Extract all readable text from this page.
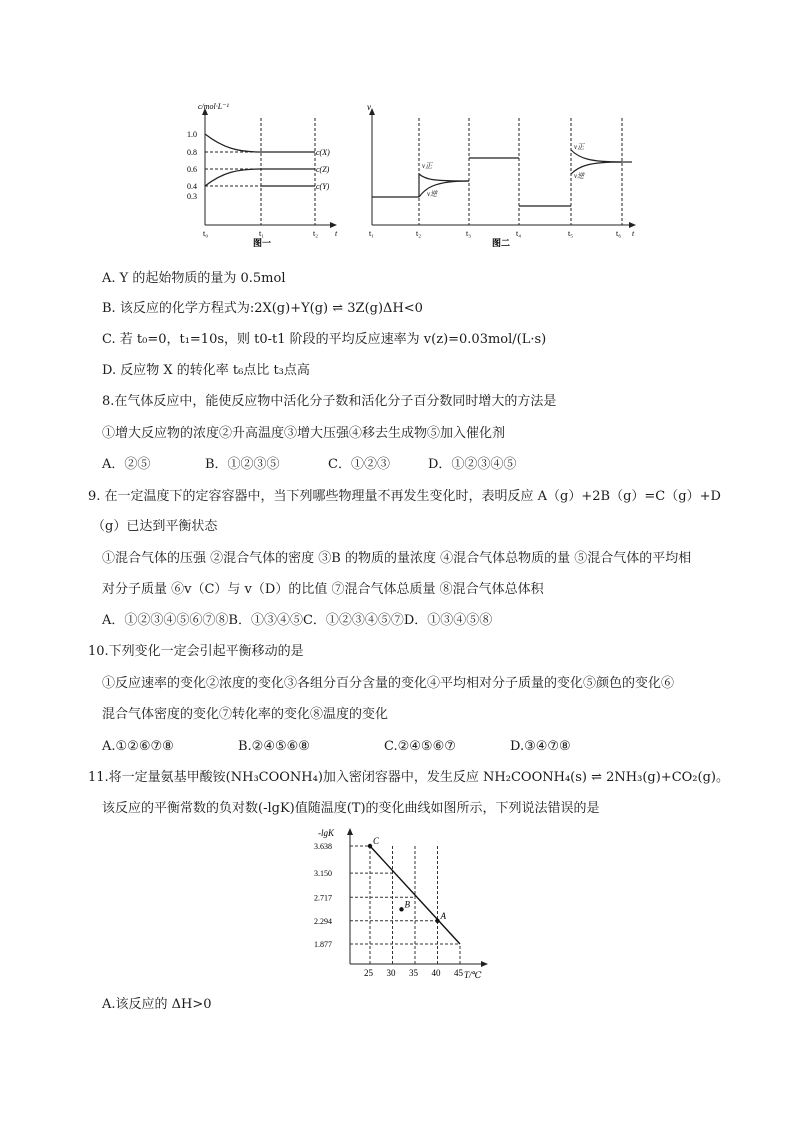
c/mol·L⁻¹
1.0
0.8
0.6
0.4
0.3
c(X)
c(Z)
c(Y)
t₀	t₁	t₂ t
图一
v
v正
v逆
v正
v逆
t₁	t₂	t₃	t₄	t₅	t₆ t
图二
A. Y 的起始物质的量为 0.5mol
B. 该反应的化学方程式为:2X(g)+Y(g) ⇌ 3Z(g)ΔH<0
C. 若 t₀=0，t₁=10s，则 t0-t1 阶段的平均反应速率为 v(z)=0.03mol/(L·s)
D. 反应物 X 的转化率 t₆点比 t₃点高
8.在气体反应中，能使反应物中活化分子数和活化分子百分数同时增大的方法是
①增大反应物的浓度②升高温度③增大压强④移去生成物⑤加入催化剂
A．②⑤	B．①②③⑤	C．①②③	D．①②③④⑤
9. 在一定温度下的定容容器中，当下列哪些物理量不再发生变化时，表明反应 A（g）+2B（g）=C（g）+D
（g）已达到平衡状态
①混合气体的压强 ②混合气体的密度 ③B 的物质的量浓度 ④混合气体总物质的量 ⑤混合气体的平均相
对分子质量 ⑥v（C）与 v（D）的比值 ⑦混合气体总质量 ⑧混合气体总体积
A．①②③④⑤⑥⑦⑧B．①③④⑤C．①②③④⑤⑦D．①③④⑤⑧
10.下列变化一定会引起平衡移动的是
①反应速率的变化②浓度的变化③各组分百分含量的变化④平均相对分子质量的变化⑤颜色的变化⑥
混合气体密度的变化⑦转化率的变化⑧温度的变化
A.①②⑥⑦⑧	B.②④⑤⑥⑧	C.②④⑤⑥⑦	D.③④⑦⑧
11.将一定量氨基甲酸铵(NH₃COONH₄)加入密闭容器中，发生反应 NH₂COONH₄(s) ⇌ 2NH₃(g)+CO₂(g)。
该反应的平衡常数的负对数(-lgK)值随温度(T)的变化曲线如图所示，下列说法错误的是
-lgK
T/℃
25
3.638
30
3.150
35
2.717
40
2.294
45
1.877
C
B
A
A.该反应的 ΔH>0
